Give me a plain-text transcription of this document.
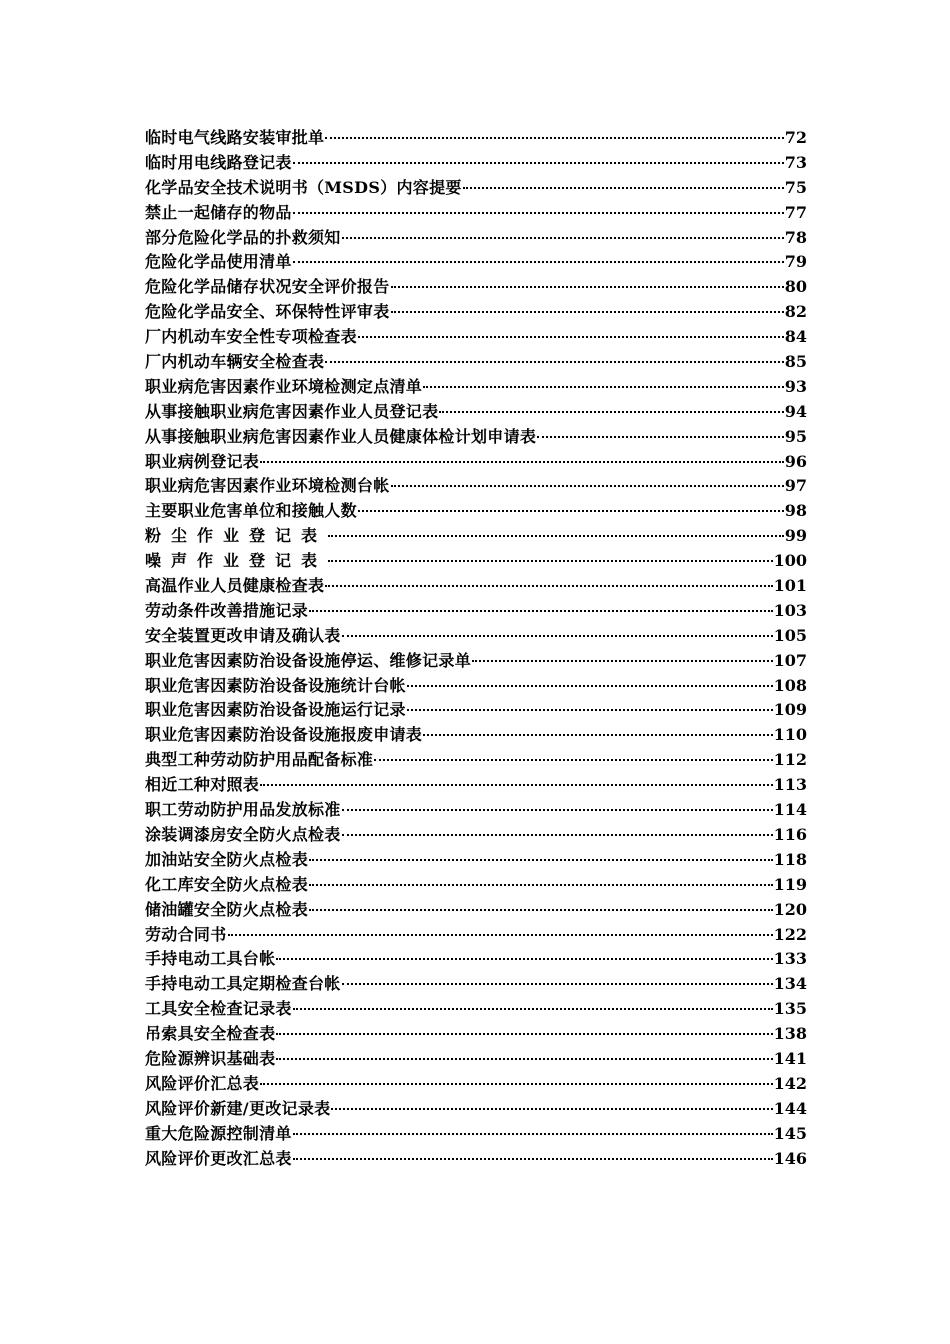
临时电气线路安装审批单	72
临时用电线路登记表	73
化学品安全技术说明书（MSDS）内容提要	75
禁止一起储存的物品	77
部分危险化学品的扑救须知	78
危险化学品使用清单	79
危险化学品储存状况安全评价报告	80
危险化学品安全、环保特性评审表	82
厂内机动车安全性专项检查表	84
厂内机动车辆安全检查表	85
职业病危害因素作业环境检测定点清单	93
从事接触职业病危害因素作业人员登记表	94
从事接触职业病危害因素作业人员健康体检计划申请表	95
职业病例登记表	96
职业病危害因素作业环境检测台帐	97
主要职业危害单位和接触人数	98
粉尘作业登记表	99
噪声作业登记表	100
高温作业人员健康检查表	101
劳动条件改善措施记录	103
安全装置更改申请及确认表	105
职业危害因素防治设备设施停运、维修记录单	107
职业危害因素防治设备设施统计台帐	108
职业危害因素防治设备设施运行记录	109
职业危害因素防治设备设施报废申请表	110
典型工种劳动防护用品配备标准	112
相近工种对照表	113
职工劳动防护用品发放标准	114
涂装调漆房安全防火点检表	116
加油站安全防火点检表	118
化工库安全防火点检表	119
储油罐安全防火点检表	120
劳动合同书	122
手持电动工具台帐	133
手持电动工具定期检查台帐	134
工具安全检查记录表	135
吊索具安全检查表	138
危险源辨识基础表	141
风险评价汇总表	142
风险评价新建/更改记录表	144
重大危险源控制清单	145
风险评价更改汇总表	146
